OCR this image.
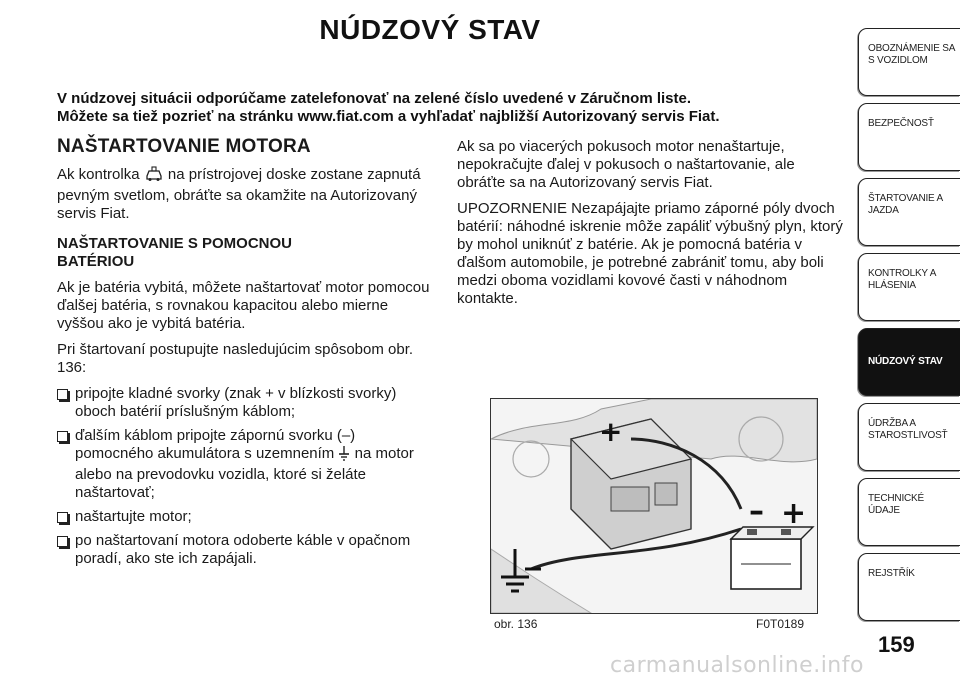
NÚDZOVÝ STAV
V núdzovej situácii odporúčame zatelefonovať na zelené číslo uvedené v Záručnom liste.
Môžete sa tiež pozrieť na stránku www.fiat.com a vyhľadať najbližší Autorizovaný servis Fiat.
NAŠTARTOVANIE MOTORA
Ak kontrolka na prístrojovej doske zostane zapnutá pevným svetlom, obráťte sa okamžite na Autorizovaný servis Fiat.
NAŠTARTOVANIE S POMOCNOU
BATÉRIOU
Ak je batéria vybitá, môžete naštartovať motor pomocou ďalšej batéria, s rovnakou kapacitou alebo mierne vyššou ako je vybitá batéria.
Pri štartovaní postupujte nasledujúcim spôsobom obr. 136:
pripojte kladné svorky (znak + v blízkosti svorky) oboch batérií príslušným káblom;
ďalším káblom pripojte zápornú svorku (–) pomocného akumulátora s uzemnením na motor alebo na prevodovku vozidla, ktoré si želáte naštartovať;
naštartujte motor;
po naštartovaní motora odoberte káble v opačnom poradí, ako ste ich zapájali.
Ak sa po viacerých pokusoch motor nenaštartuje, nepokračujte ďalej v pokusoch o naštartovanie, ale obráťte sa na Autorizovaný servis Fiat.
UPOZORNENIE Nezapájajte priamo záporné póly dvoch batérií: náhodné iskrenie môže zapáliť výbušný plyn, ktorý by mohol uniknúť z batérie. Ak je pomocná batéria v ďalšom automobile, je potrebné zabrániť tomu, aby boli medzi oboma vozidlami kovové časti v náhodnom kontakte.
+
– +
obr. 136	F0T0189
OBOZNÁMENIE SA S VOZIDLOM
BEZPEČNOSŤ
ŠTARTOVANIE A JAZDA
KONTROLKY A HLÁSENIA
NÚDZOVÝ STAV
ÚDRŽBA A STAROSTLIVOSŤ
TECHNICKÉ ÚDAJE
REJSTŘÍK
159
carmanualsonline.info
